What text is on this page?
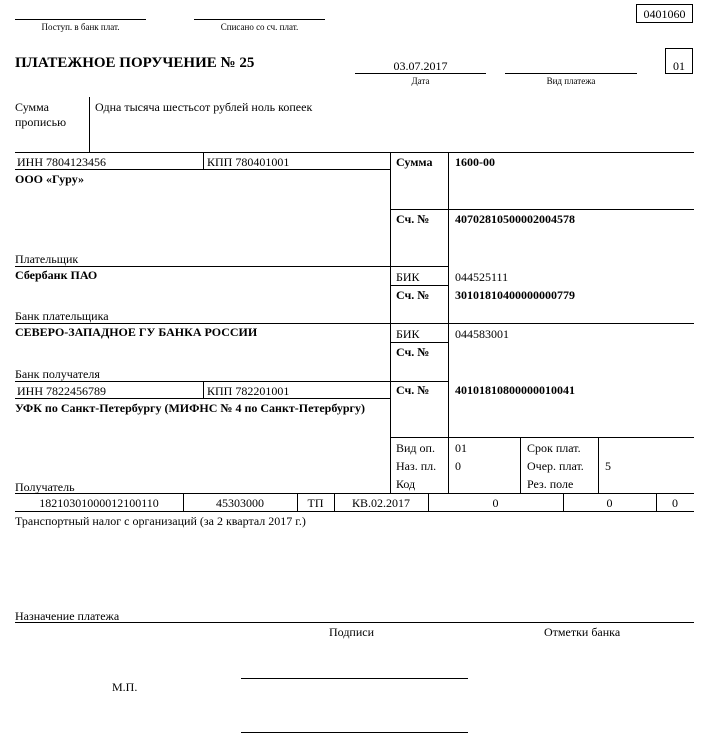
Поступ. в банк плат.	Списано со сч. плат.
0401060
ПЛАТЕЖНОЕ ПОРУЧЕНИЕ № 25	03.07.2017
Дата	Вид платежа
01
Сумма
прописью
Одна тысяча шестьсот рублей ноль копеек
ИНН 7804123456	КПП 780401001
ООО «Гуру»
Плательщик
Сумма 1600-00
Сч. № 40702810500002004578
Сбербанк ПАО
Банк плательщика
БИК	044525111
Сч. № 30101810400000000779
СЕВЕРО-ЗАПАДНОЕ ГУ БАНКА РОССИИ
Банк получателя
БИК	044583001
Сч. №
ИНН 7822456789	КПП 782201001
УФК по Санкт-Петербургу (МИФНС № 4 по Санкт-Петербургу)
Получатель
Сч. № 40101810800000010041
Вид оп. 01	Срок плат.
Наз. пл. 0	Очер. плат. 5
Код	Рез. поле
18210301000012100110	45303000	ТП	КВ.02.2017	0	0	0
Транспортный налог с организаций (за 2 квартал 2017 г.)
Назначение платежа
Подписи	Отметки банка
М.П.
